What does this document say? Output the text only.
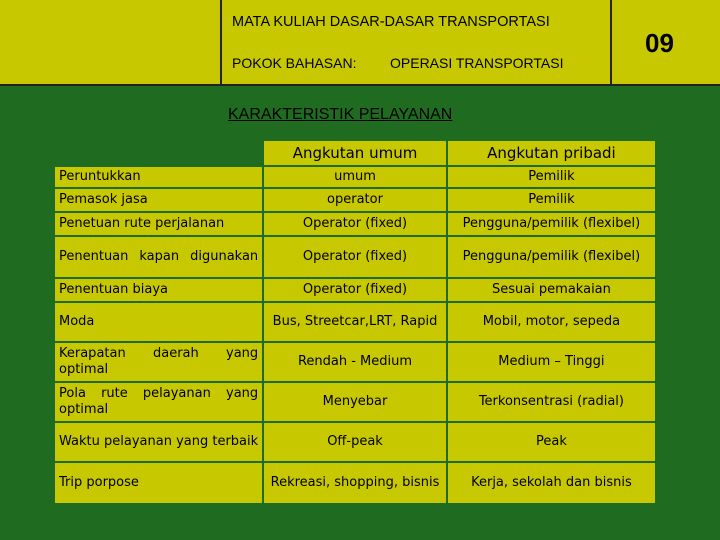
MATA KULIAH DASAR-DASAR TRANSPORTASI
POKOK BAHASAN: OPERASI TRANSPORTASI
09
KARAKTERISTIK PELAYANAN
	Angkutan umum	Angkutan pribadi
Peruntukkan	umum	Pemilik
Pemasok jasa	operator	Pemilik
Penetuan rute perjalanan	Operator (fixed)	Pengguna/pemilik (flexibel)
Penentuan kapan digunakan	Operator (fixed)	Pengguna/pemilik (flexibel)
Penentuan biaya	Operator (fixed)	Sesuai pemakaian
Moda	Bus, Streetcar,LRT, Rapid	Mobil, motor, sepeda
Kerapatan daerah yang optimal	Rendah - Medium	Medium – Tinggi
Pola rute pelayanan yang optimal	Menyebar	Terkonsentrasi (radial)
Waktu pelayanan yang terbaik	Off-peak	Peak
Trip porpose	Rekreasi, shopping, bisnis	Kerja, sekolah dan bisnis
